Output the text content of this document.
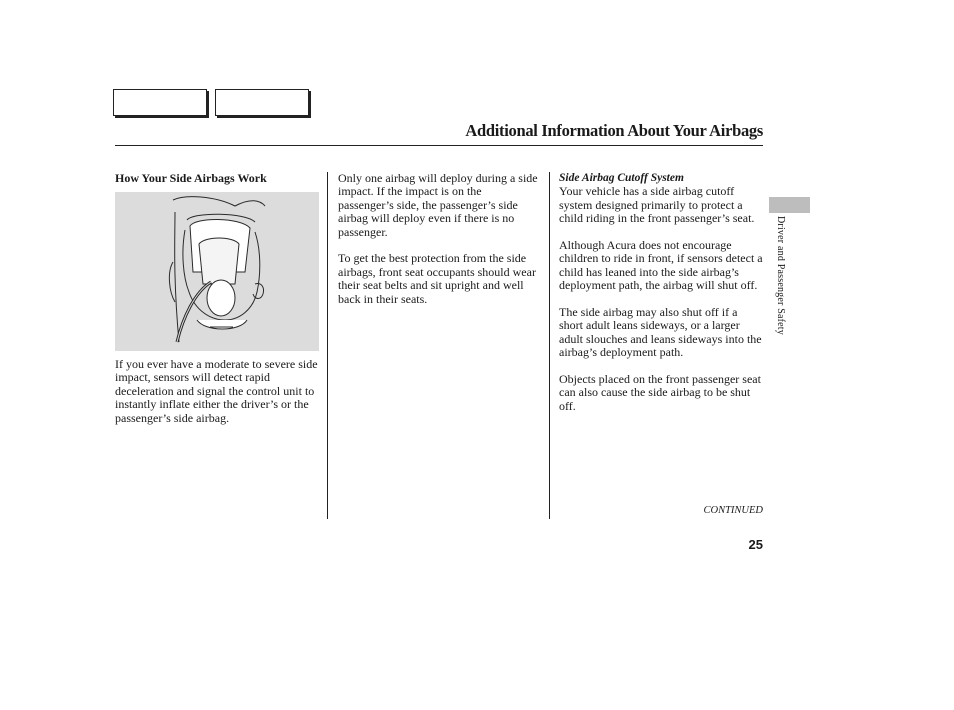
Additional Information About Your Airbags
How Your Side Airbags Work

If you ever have a moderate to severe side impact, sensors will detect rapid deceleration and signal the control unit to instantly inflate either the driver’s or the passenger’s side airbag.

Only one airbag will deploy during a side impact. If the impact is on the passenger’s side, the passenger’s side airbag will deploy even if there is no passenger.

To get the best protection from the side airbags, front seat occupants should wear their seat belts and sit upright and well back in their seats.

Side Airbag Cutoff System

Your vehicle has a side airbag cutoff system designed primarily to protect a child riding in the front passenger’s seat.

Although Acura does not encourage children to ride in front, if sensors detect a child has leaned into the side airbag’s deployment path, the airbag will shut off.

The side airbag may also shut off if a short adult leans sideways, or a larger adult slouches and leans sideways into the airbag’s deployment path.

Objects placed on the front passenger seat can also cause the side airbag to be shut off.

CONTINUED
25
Driver and Passenger Safety
